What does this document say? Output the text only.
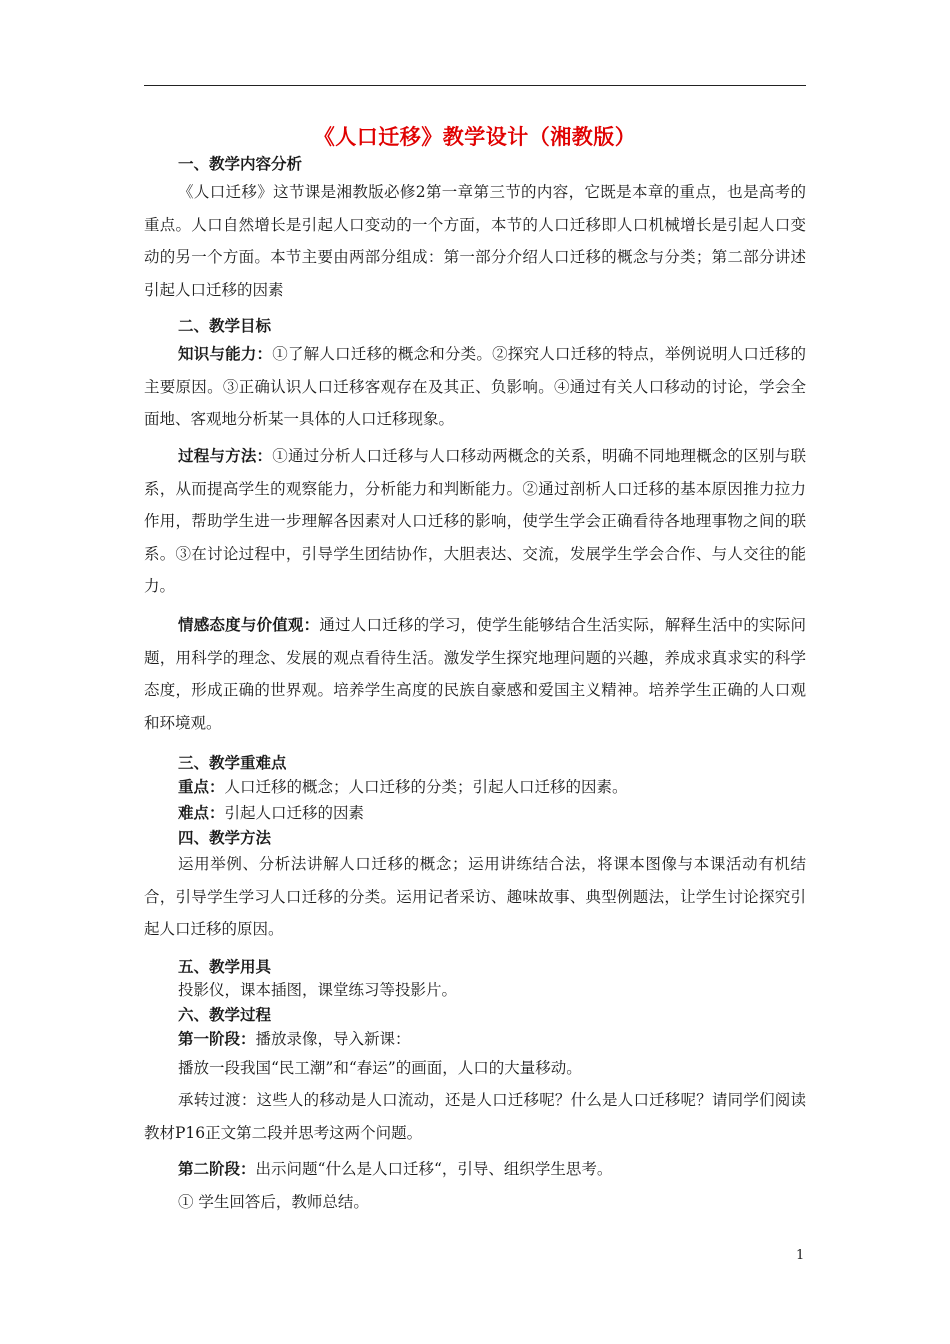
《人口迁移》教学设计（湘教版）
一、教学内容分析
《人口迁移》这节课是湘教版必修2第一章第三节的内容，它既是本章的重点，也是高考的重点。人口自然增长是引起人口变动的一个方面，本节的人口迁移即人口机械增长是引起人口变动的另一个方面。本节主要由两部分组成：第一部分介绍人口迁移的概念与分类；第二部分讲述引起人口迁移的因素
二、教学目标
知识与能力：①了解人口迁移的概念和分类。②探究人口迁移的特点，举例说明人口迁移的主要原因。③正确认识人口迁移客观存在及其正、负影响。④通过有关人口移动的讨论，学会全面地、客观地分析某一具体的人口迁移现象。
过程与方法：①通过分析人口迁移与人口移动两概念的关系，明确不同地理概念的区别与联系，从而提高学生的观察能力，分析能力和判断能力。②通过剖析人口迁移的基本原因推力拉力作用，帮助学生进一步理解各因素对人口迁移的影响，使学生学会正确看待各地理事物之间的联系。③在讨论过程中，引导学生团结协作，大胆表达、交流，发展学生学会合作、与人交往的能力。
情感态度与价值观：通过人口迁移的学习，使学生能够结合生活实际，解释生活中的实际问题，用科学的理念、发展的观点看待生活。激发学生探究地理问题的兴趣，养成求真求实的科学态度，形成正确的世界观。培养学生高度的民族自豪感和爱国主义精神。培养学生正确的人口观和环境观。
三、教学重难点
重点：人口迁移的概念；人口迁移的分类；引起人口迁移的因素。
难点：引起人口迁移的因素
四、教学方法
运用举例、分析法讲解人口迁移的概念；运用讲练结合法，将课本图像与本课活动有机结合，引导学生学习人口迁移的分类。运用记者采访、趣味故事、典型例题法，让学生讨论探究引起人口迁移的原因。
五、教学用具
投影仪，课本插图，课堂练习等投影片。
六、教学过程
第一阶段：播放录像，导入新课：
播放一段我国“民工潮”和“春运”的画面，人口的大量移动。
承转过渡：这些人的移动是人口流动，还是人口迁移呢？什么是人口迁移呢？请同学们阅读教材P16正文第二段并思考这两个问题。
第二阶段：出示问题“什么是人口迁移“，引导、组织学生思考。
① 学生回答后，教师总结。
1
